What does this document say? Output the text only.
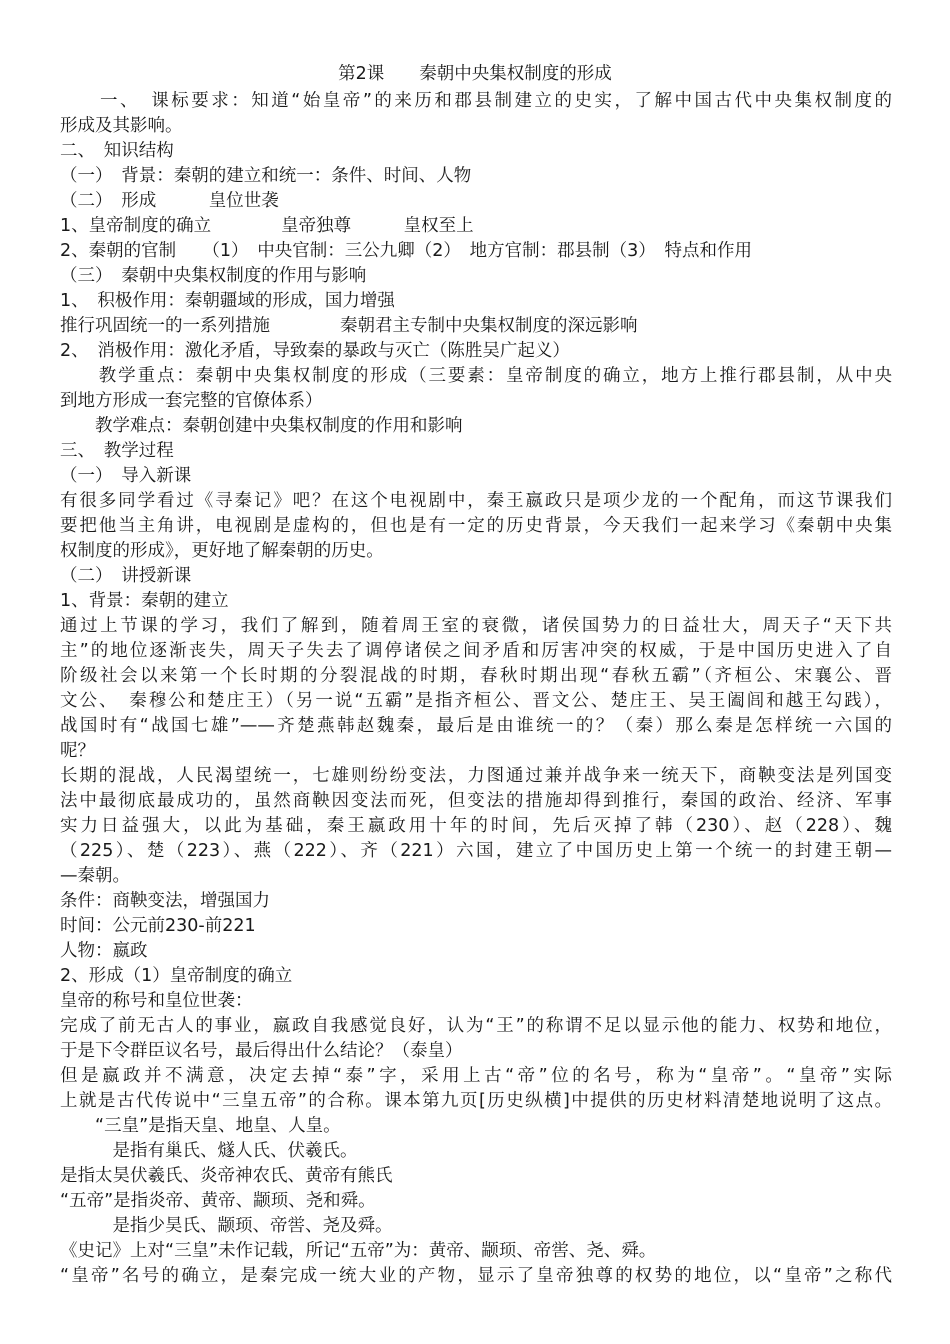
第2课　　秦朝中央集权制度的形成
　　一、　课标要求：知道“始皇帝”的来历和郡县制建立的史实，了解中国古代中央集权制度的
形成及其影响。
二、　知识结构
（一）　背景：秦朝的建立和统一：条件、时间、人物
（二）　形成　　　皇位世袭
1、皇帝制度的确立　　　　皇帝独尊　　　皇权至上
2、秦朝的官制　　（1）　中央官制：三公九卿（2）　地方官制：郡县制（3）　特点和作用
（三）　秦朝中央集权制度的作用与影响
1、　积极作用：秦朝疆域的形成，国力增强
推行巩固统一的一系列措施　　　　秦朝君主专制中央集权制度的深远影响
2、　消极作用：激化矛盾，导致秦的暴政与灭亡（陈胜吴广起义）
　　教学重点：秦朝中央集权制度的形成（三要素：皇帝制度的确立，地方上推行郡县制，从中央
到地方形成一套完整的官僚体系）
　　教学难点：秦朝创建中央集权制度的作用和影响
三、　教学过程
（一）　导入新课
有很多同学看过《寻秦记》吧？在这个电视剧中，秦王嬴政只是项少龙的一个配角，而这节课我们
要把他当主角讲，电视剧是虚构的，但也是有一定的历史背景，今天我们一起来学习《秦朝中央集
权制度的形成》，更好地了解秦朝的历史。
（二）　讲授新课
1、背景：秦朝的建立
通过上节课的学习，我们了解到，随着周王室的衰微，诸侯国势力的日益壮大，周天子“天下共
主”的地位逐渐丧失，周天子失去了调停诸侯之间矛盾和厉害冲突的权威，于是中国历史进入了自
阶级社会以来第一个长时期的分裂混战的时期，春秋时期出现“春秋五霸”（齐桓公、宋襄公、晋
文公、　秦穆公和楚庄王）（另一说“五霸”是指齐桓公、晋文公、楚庄王、吴王阖闾和越王勾践），
战国时有“战国七雄”——齐楚燕韩赵魏秦，最后是由谁统一的？（秦）那么秦是怎样统一六国的
呢？
长期的混战，人民渴望统一，七雄则纷纷变法，力图通过兼并战争来一统天下，商鞅变法是列国变
法中最彻底最成功的，虽然商鞅因变法而死，但变法的措施却得到推行，秦国的政治、经济、军事
实力日益强大，以此为基础，秦王嬴政用十年的时间，先后灭掉了韩（230）、赵（228）、魏
（225）、楚（223）、燕（222）、齐（221）六国，建立了中国历史上第一个统一的封建王朝—
—秦朝。
条件：商鞅变法，增强国力
时间：公元前230-前221
人物：嬴政
2、形成（1）皇帝制度的确立
皇帝的称号和皇位世袭：
完成了前无古人的事业，嬴政自我感觉良好，认为“王”的称谓不足以显示他的能力、权势和地位，
于是下令群臣议名号，最后得出什么结论？（泰皇）
但是嬴政并不满意，决定去掉“泰”字，采用上古“帝”位的名号，称为“皇帝”。“皇帝”实际
上就是古代传说中“三皇五帝”的合称。课本第九页[历史纵横]中提供的历史材料清楚地说明了这点。
　　“三皇”是指天皇、地皇、人皇。
　　　是指有巢氏、燧人氏、伏羲氏。
是指太昊伏羲氏、炎帝神农氏、黄帝有熊氏
“五帝”是指炎帝、黄帝、颛顼、尧和舜。
　　　是指少昊氏、颛顼、帝喾、尧及舜。
《史记》上对“三皇”未作记载，所记“五帝”为：黄帝、颛顼、帝喾、尧、舜。
“皇帝”名号的确立，是秦完成一统大业的产物，显示了皇帝独尊的权势的地位，以“皇帝”之称代
